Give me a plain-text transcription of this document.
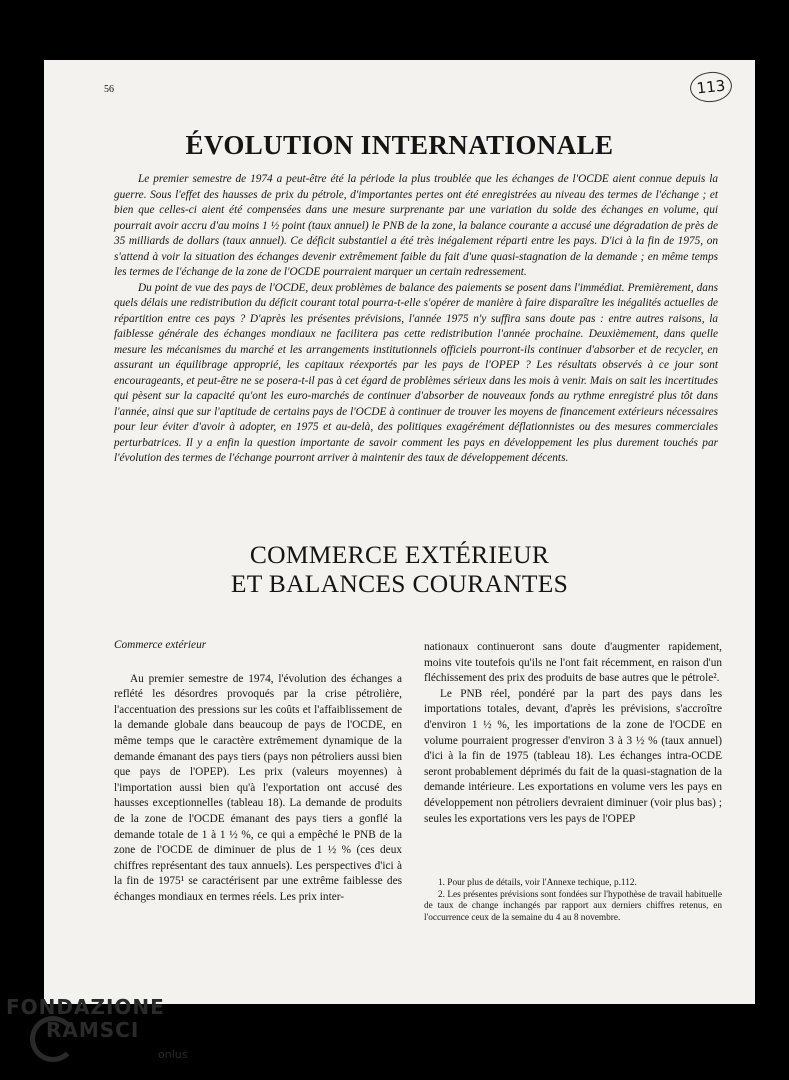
56	113
ÉVOLUTION INTERNATIONALE

Le premier semestre de 1974 a peut-être été la période la plus troublée que les échanges de l'OCDE aient connue depuis la guerre. Sous l'effet des hausses de prix du pétrole, d'importantes pertes ont été enregistrées au niveau des termes de l'échange ; et bien que celles-ci aient été compensées dans une mesure surprenante par une variation du solde des échanges en volume, qui pourrait avoir accru d'au moins 1 ½ point (taux annuel) le PNB de la zone, la balance courante a accusé une dégradation de près de 35 milliards de dollars (taux annuel). Ce déficit substantiel a été très inégalement réparti entre les pays. D'ici à la fin de 1975, on s'attend à voir la situation des échanges devenir extrêmement faible du fait d'une quasi-stagnation de la demande ; en même temps les termes de l'échange de la zone de l'OCDE pourraient marquer un certain redressement.

Du point de vue des pays de l'OCDE, deux problèmes de balance des paiements se posent dans l'immédiat. Premièrement, dans quels délais une redistribution du déficit courant total pourra-t-elle s'opérer de manière à faire disparaître les inégalités actuelles de répartition entre ces pays ? D'après les présentes prévisions, l'année 1975 n'y suffira sans doute pas : entre autres raisons, la faiblesse générale des échanges mondiaux ne facilitera pas cette redistribution l'année prochaine. Deuxièmement, dans quelle mesure les mécanismes du marché et les arrangements institutionnels officiels pourront-ils continuer d'absorber et de recycler, en assurant un équilibrage approprié, les capitaux réexportés par les pays de l'OPEP ? Les résultats observés à ce jour sont encourageants, et peut-être ne se posera-t-il pas à cet égard de problèmes sérieux dans les mois à venir. Mais on sait les incertitudes qui pèsent sur la capacité qu'ont les euro-marchés de continuer d'absorber de nouveaux fonds au rythme enregistré plus tôt dans l'année, ainsi que sur l'aptitude de certains pays de l'OCDE à continuer de trouver les moyens de financement extérieurs nécessaires pour leur éviter d'avoir à adopter, en 1975 et au-delà, des politiques exagérément déflationnistes ou des mesures commerciales perturbatrices. Il y a enfin la question importante de savoir comment les pays en développement les plus durement touchés par l'évolution des termes de l'échange pourront arriver à maintenir des taux de développement décents.

COMMERCE EXTÉRIEUR
ET BALANCES COURANTES

Commerce extérieur

Au premier semestre de 1974, l'évolution des échanges a reflété les désordres provoqués par la crise pétrolière, l'accentuation des pressions sur les coûts et l'affaiblissement de la demande globale dans beaucoup de pays de l'OCDE, en même temps que le caractère extrêmement dynamique de la demande émanant des pays tiers (pays non pétroliers aussi bien que pays de l'OPEP). Les prix (valeurs moyennes) à l'importation aussi bien qu'à l'exportation ont accusé des hausses exceptionnelles (tableau 18). La demande de produits de la zone de l'OCDE émanant des pays tiers a gonflé la demande totale de 1 à 1 ½ %, ce qui a empêché le PNB de la zone de l'OCDE de diminuer de plus de 1 ½ % (ces deux chiffres représentant des taux annuels). Les perspectives d'ici à la fin de 1975¹ se caractérisent par une extrême faiblesse des échanges mondiaux en termes réels. Les prix inter-

nationaux continueront sans doute d'augmenter rapidement, moins vite toutefois qu'ils ne l'ont fait récemment, en raison d'un fléchissement des prix des produits de base autres que le pétrole².

Le PNB réel, pondéré par la part des pays dans les importations totales, devant, d'après les prévisions, s'accroître d'environ 1 ½ %, les importations de la zone de l'OCDE en volume pourraient progresser d'environ 3 à 3 ½ % (taux annuel) d'ici à la fin de 1975 (tableau 18). Les échanges intra-OCDE seront probablement déprimés du fait de la quasi-stagnation de la demande intérieure. Les exportations en volume vers les pays en développement non pétroliers devraient diminuer (voir plus bas) ; seules les exportations vers les pays de l'OPEP

1. Pour plus de détails, voir l'Annexe techique, p.112.

2. Les présentes prévisions sont fondées sur l'hypothèse de travail habituelle de taux de change inchangés par rapport aux derniers chiffres retenus, en l'occurrence ceux de la semaine du 4 au 8 novembre.

FONDAZIONE
RAMSCI
onlus
